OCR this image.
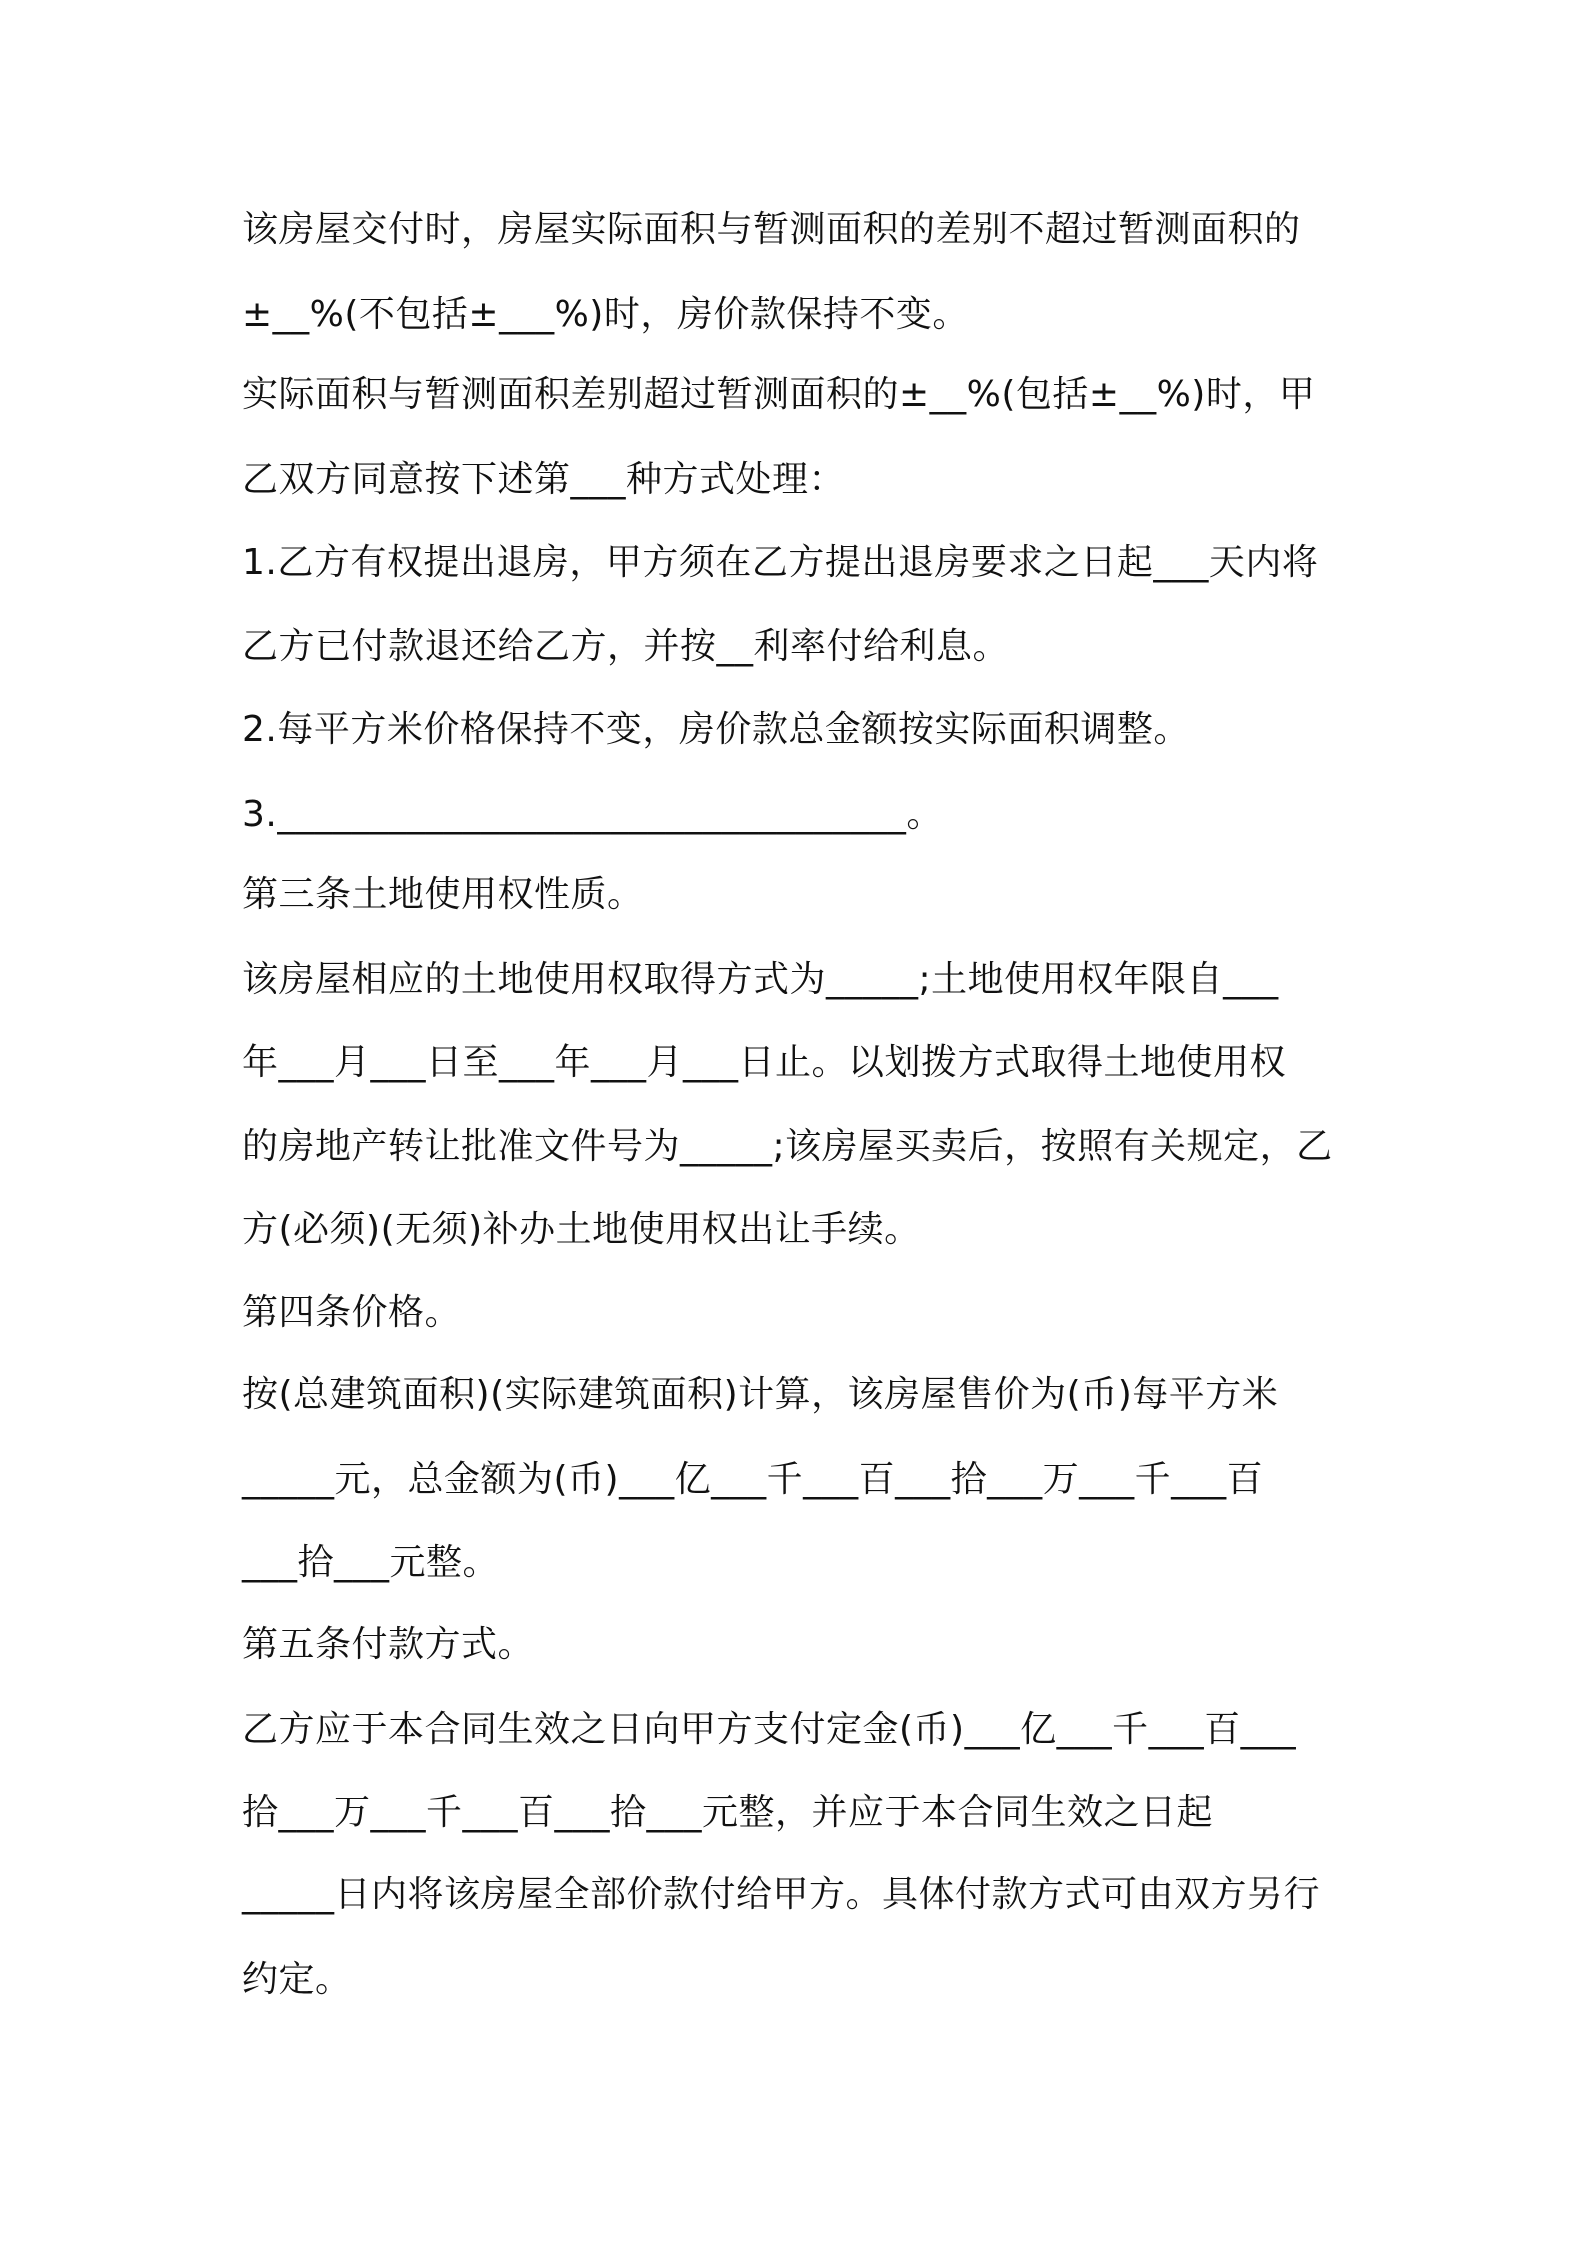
该房屋交付时，房屋实际面积与暂测面积的差别不超过暂测面积的

±__%(不包括±___%)时，房价款保持不变。

实际面积与暂测面积差别超过暂测面积的±__%(包括±__%)时，甲

乙双方同意按下述第___种方式处理：

1.乙方有权提出退房，甲方须在乙方提出退房要求之日起___天内将

乙方已付款退还给乙方，并按__利率付给利息。

2.每平方米价格保持不变，房价款总金额按实际面积调整。

3.__________________________________。

第三条土地使用权性质。

该房屋相应的土地使用权取得方式为_____;土地使用权年限自___

年___月___日至___年___月___日止。以划拨方式取得土地使用权

的房地产转让批准文件号为_____;该房屋买卖后，按照有关规定，乙

方(必须)(无须)补办土地使用权出让手续。

第四条价格。

按(总建筑面积)(实际建筑面积)计算，该房屋售价为(币)每平方米

_____元，总金额为(币)___亿___千___百___拾___万___千___百

___拾___元整。

第五条付款方式。

乙方应于本合同生效之日向甲方支付定金(币)___亿___千___百___

拾___万___千___百___拾___元整，并应于本合同生效之日起

_____日内将该房屋全部价款付给甲方。具体付款方式可由双方另行

约定。
